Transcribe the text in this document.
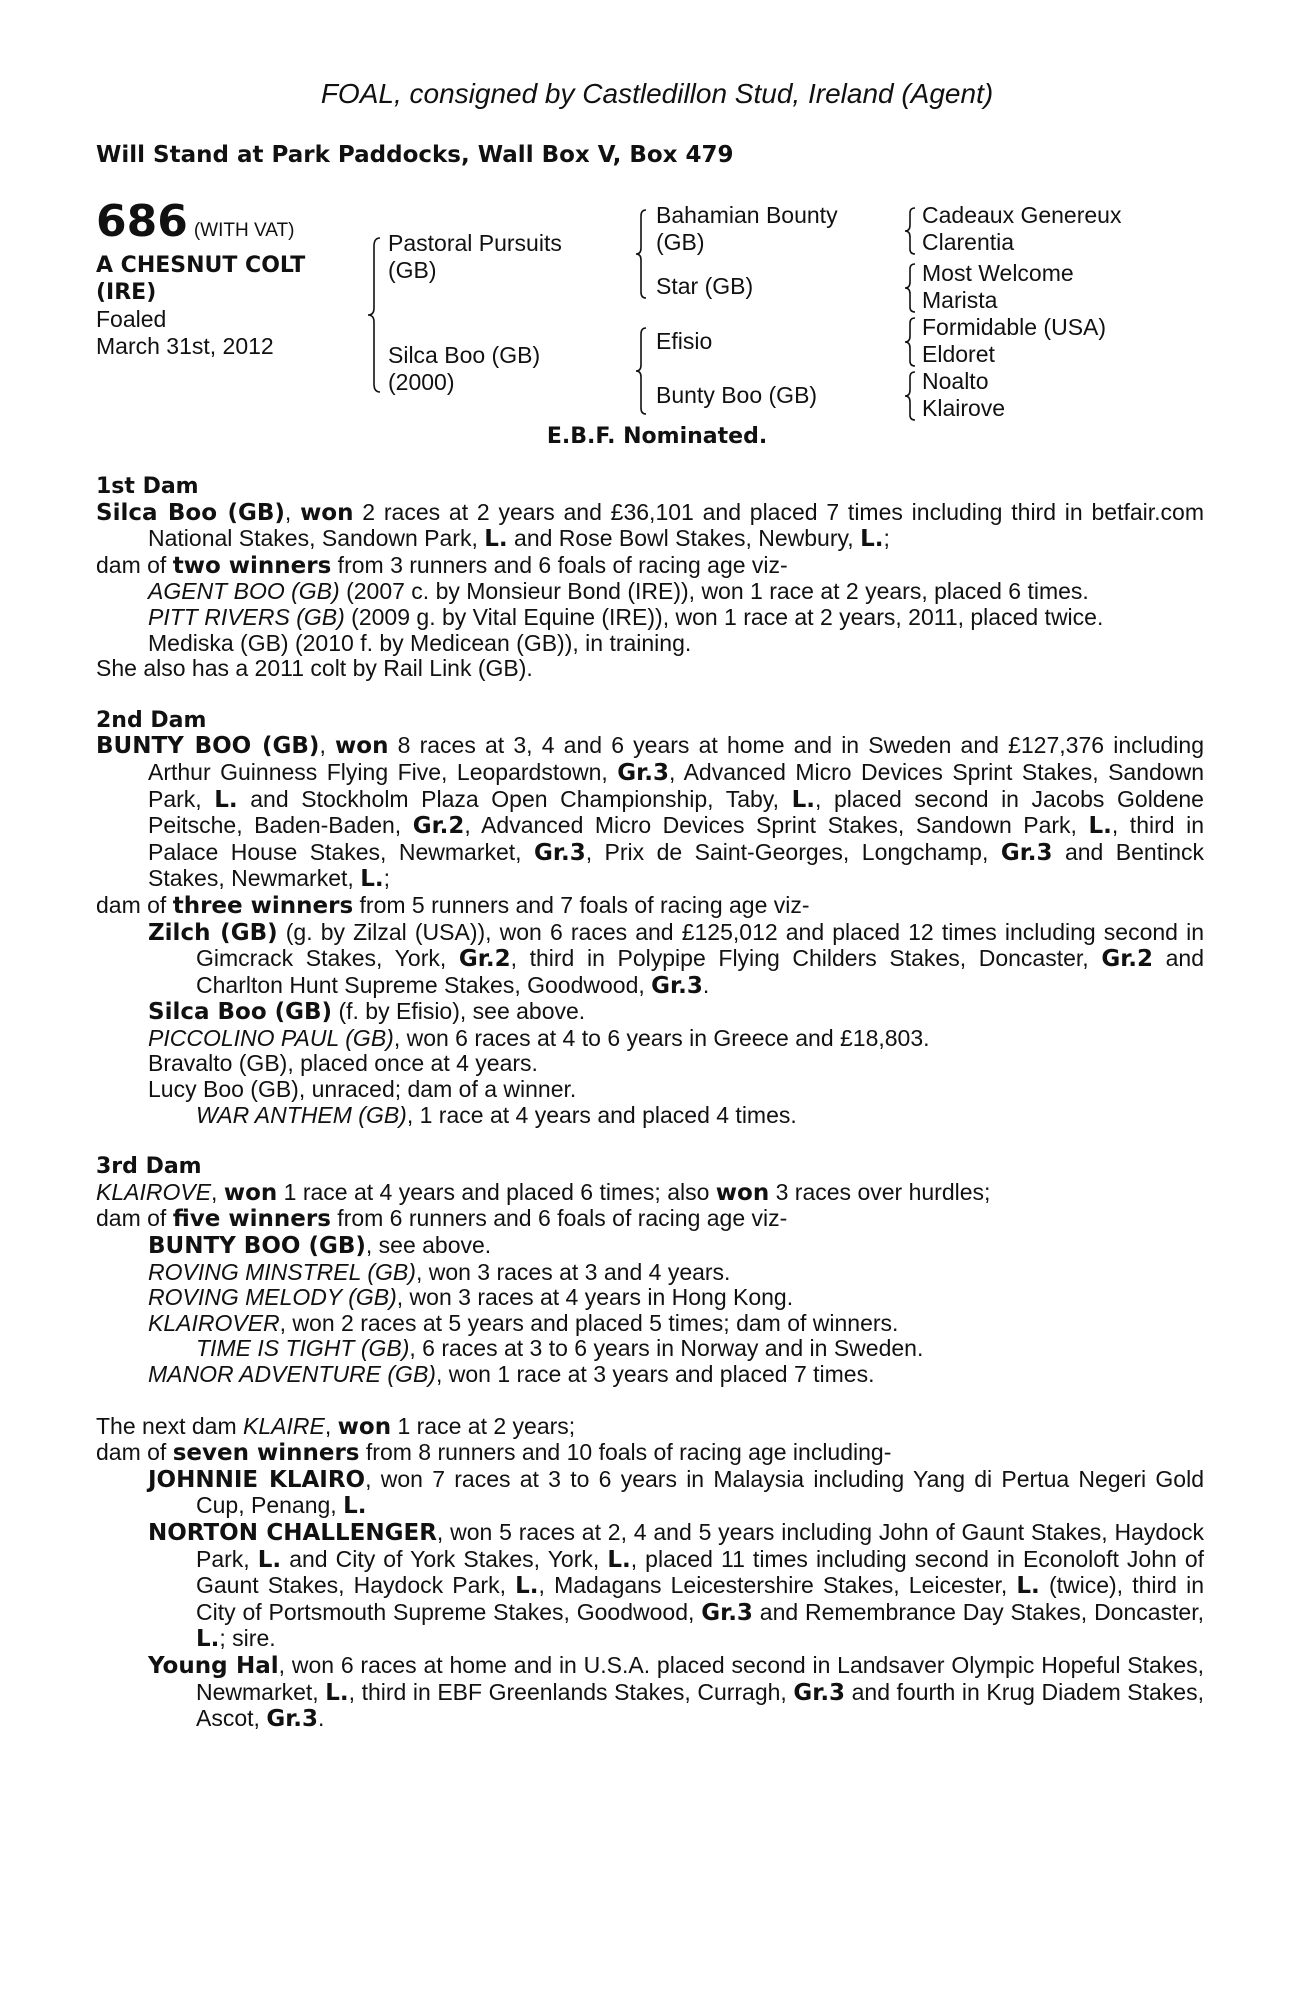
FOAL, consigned by Castledillon Stud, Ireland (Agent)
Will Stand at Park Paddocks, Wall Box V, Box 479
686 (WITH VAT)
A CHESNUT COLT
(IRE)
Foaled
March 31st, 2012
Pastoral Pursuits
(GB)
Silca Boo (GB)
(2000)
Bahamian Bounty
(GB)
Star (GB)
Efisio
Bunty Boo (GB)
Cadeaux Genereux
Clarentia
Most Welcome
Marista
Formidable (USA)
Eldoret
Noalto
Klairove
E.B.F. Nominated.
1st Dam
Silca Boo (GB), won 2 races at 2 years and £36,101 and placed 7 times including third in betfair.com National Stakes, Sandown Park, L. and Rose Bowl Stakes, Newbury, L.;
dam of two winners from 3 runners and 6 foals of racing age viz-
AGENT BOO (GB) (2007 c. by Monsieur Bond (IRE)), won 1 race at 2 years, placed 6 times.
PITT RIVERS (GB) (2009 g. by Vital Equine (IRE)), won 1 race at 2 years, 2011, placed twice.
Mediska (GB) (2010 f. by Medicean (GB)), in training.
She also has a 2011 colt by Rail Link (GB).
2nd Dam
BUNTY BOO (GB), won 8 races at 3, 4 and 6 years at home and in Sweden and £127,376 including Arthur Guinness Flying Five, Leopardstown, Gr.3, Advanced Micro Devices Sprint Stakes, Sandown Park, L. and Stockholm Plaza Open Championship, Taby, L., placed second in Jacobs Goldene Peitsche, Baden-Baden, Gr.2, Advanced Micro Devices Sprint Stakes, Sandown Park, L., third in Palace House Stakes, Newmarket, Gr.3, Prix de Saint-Georges, Longchamp, Gr.3 and Bentinck Stakes, Newmarket, L.;
dam of three winners from 5 runners and 7 foals of racing age viz-
Zilch (GB) (g. by Zilzal (USA)), won 6 races and £125,012 and placed 12 times including second in Gimcrack Stakes, York, Gr.2, third in Polypipe Flying Childers Stakes, Doncaster, Gr.2 and Charlton Hunt Supreme Stakes, Goodwood, Gr.3.
Silca Boo (GB) (f. by Efisio), see above.
PICCOLINO PAUL (GB), won 6 races at 4 to 6 years in Greece and £18,803.
Bravalto (GB), placed once at 4 years.
Lucy Boo (GB), unraced; dam of a winner.
WAR ANTHEM (GB), 1 race at 4 years and placed 4 times.
3rd Dam
KLAIROVE, won 1 race at 4 years and placed 6 times; also won 3 races over hurdles;
dam of five winners from 6 runners and 6 foals of racing age viz-
BUNTY BOO (GB), see above.
ROVING MINSTREL (GB), won 3 races at 3 and 4 years.
ROVING MELODY (GB), won 3 races at 4 years in Hong Kong.
KLAIROVER, won 2 races at 5 years and placed 5 times; dam of winners.
TIME IS TIGHT (GB), 6 races at 3 to 6 years in Norway and in Sweden.
MANOR ADVENTURE (GB), won 1 race at 3 years and placed 7 times.
The next dam KLAIRE, won 1 race at 2 years;
dam of seven winners from 8 runners and 10 foals of racing age including-
JOHNNIE KLAIRO, won 7 races at 3 to 6 years in Malaysia including Yang di Pertua Negeri Gold Cup, Penang, L.
NORTON CHALLENGER, won 5 races at 2, 4 and 5 years including John of Gaunt Stakes, Haydock Park, L. and City of York Stakes, York, L., placed 11 times including second in Econoloft John of Gaunt Stakes, Haydock Park, L., Madagans Leicestershire Stakes, Leicester, L. (twice), third in City of Portsmouth Supreme Stakes, Goodwood, Gr.3 and Remembrance Day Stakes, Doncaster, L.; sire.
Young Hal, won 6 races at home and in U.S.A. placed second in Landsaver Olympic Hopeful Stakes, Newmarket, L., third in EBF Greenlands Stakes, Curragh, Gr.3 and fourth in Krug Diadem Stakes, Ascot, Gr.3.
